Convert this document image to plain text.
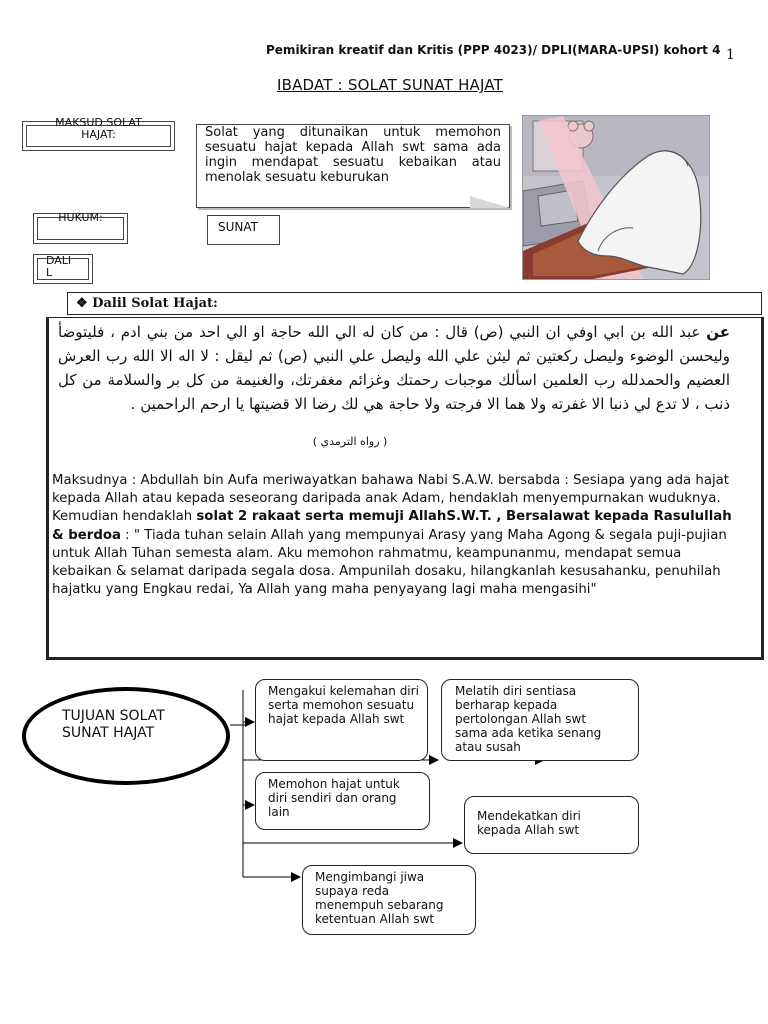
Pemikiran kreatif dan Kritis (PPP 4023)/ DPLI(MARA-UPSI) kohort 4 1
IBADAT : SOLAT SUNAT HAJAT
MAKSUD SOLAT HAJAT:
HUKUM:
DALI L
Solat yang ditunaikan untuk memohon sesuatu hajat kepada Allah swt sama ada ingin mendapat sesuatu kebaikan atau menolak sesuatu keburukan
SUNAT
❖ Dalil Solat Hajat:
عن عبد الله بن ابي اوفي ان النبي (ص) قال : من كان له الي الله حاجة او الي احد من بني ادم ، فليتوضأ وليحسن الوضوء وليصل ركعتين ثم ليثن علي الله وليصل علي النبي (ص) ثم ليقل : لا اله الا الله رب العرش العضيم والحمدلله رب العلمين اسألك موجبات رحمتك وغزائم مغفرتك، والغنيمة من كل بر والسلامة من كل ذنب ، لا تدع لي ذنبا الا غفرته ولا هما الا فرجته ولا حاجة هي لك رضا الا قضيتها يا ارحم الراحمين .
( رواه الترمدي )
Maksudnya : Abdullah bin Aufa meriwayatkan bahawa Nabi S.A.W. bersabda : Sesiapa yang ada hajat kepada Allah atau kepada seseorang daripada anak Adam, hendaklah menyempurnakan wuduknya. Kemudian hendaklah solat 2 rakaat serta memuji AllahS.W.T. , Bersalawat kepada Rasulullah & berdoa : " Tiada tuhan selain Allah yang mempunyai Arasy yang Maha Agong & segala puji-pujian untuk Allah Tuhan semesta alam. Aku memohon rahmatmu, keampunanmu, mendapat semua kebaikan & selamat daripada segala dosa. Ampunilah dosaku, hilangkanlah kesusahanku, penuhilah hajatku yang Engkau redai, Ya Allah yang maha penyayang lagi maha mengasihi"
TUJUAN SOLAT SUNAT HAJAT
Mengakui kelemahan diri serta memohon sesuatu hajat kepada Allah swt
Melatih diri sentiasa berharap kepada pertolongan Allah swt sama ada ketika senang atau susah
Memohon hajat untuk diri sendiri dan orang lain	Mendekatkan diri kepada Allah swt
Mengimbangi jiwa supaya reda menempuh sebarang ketentuan Allah swt
